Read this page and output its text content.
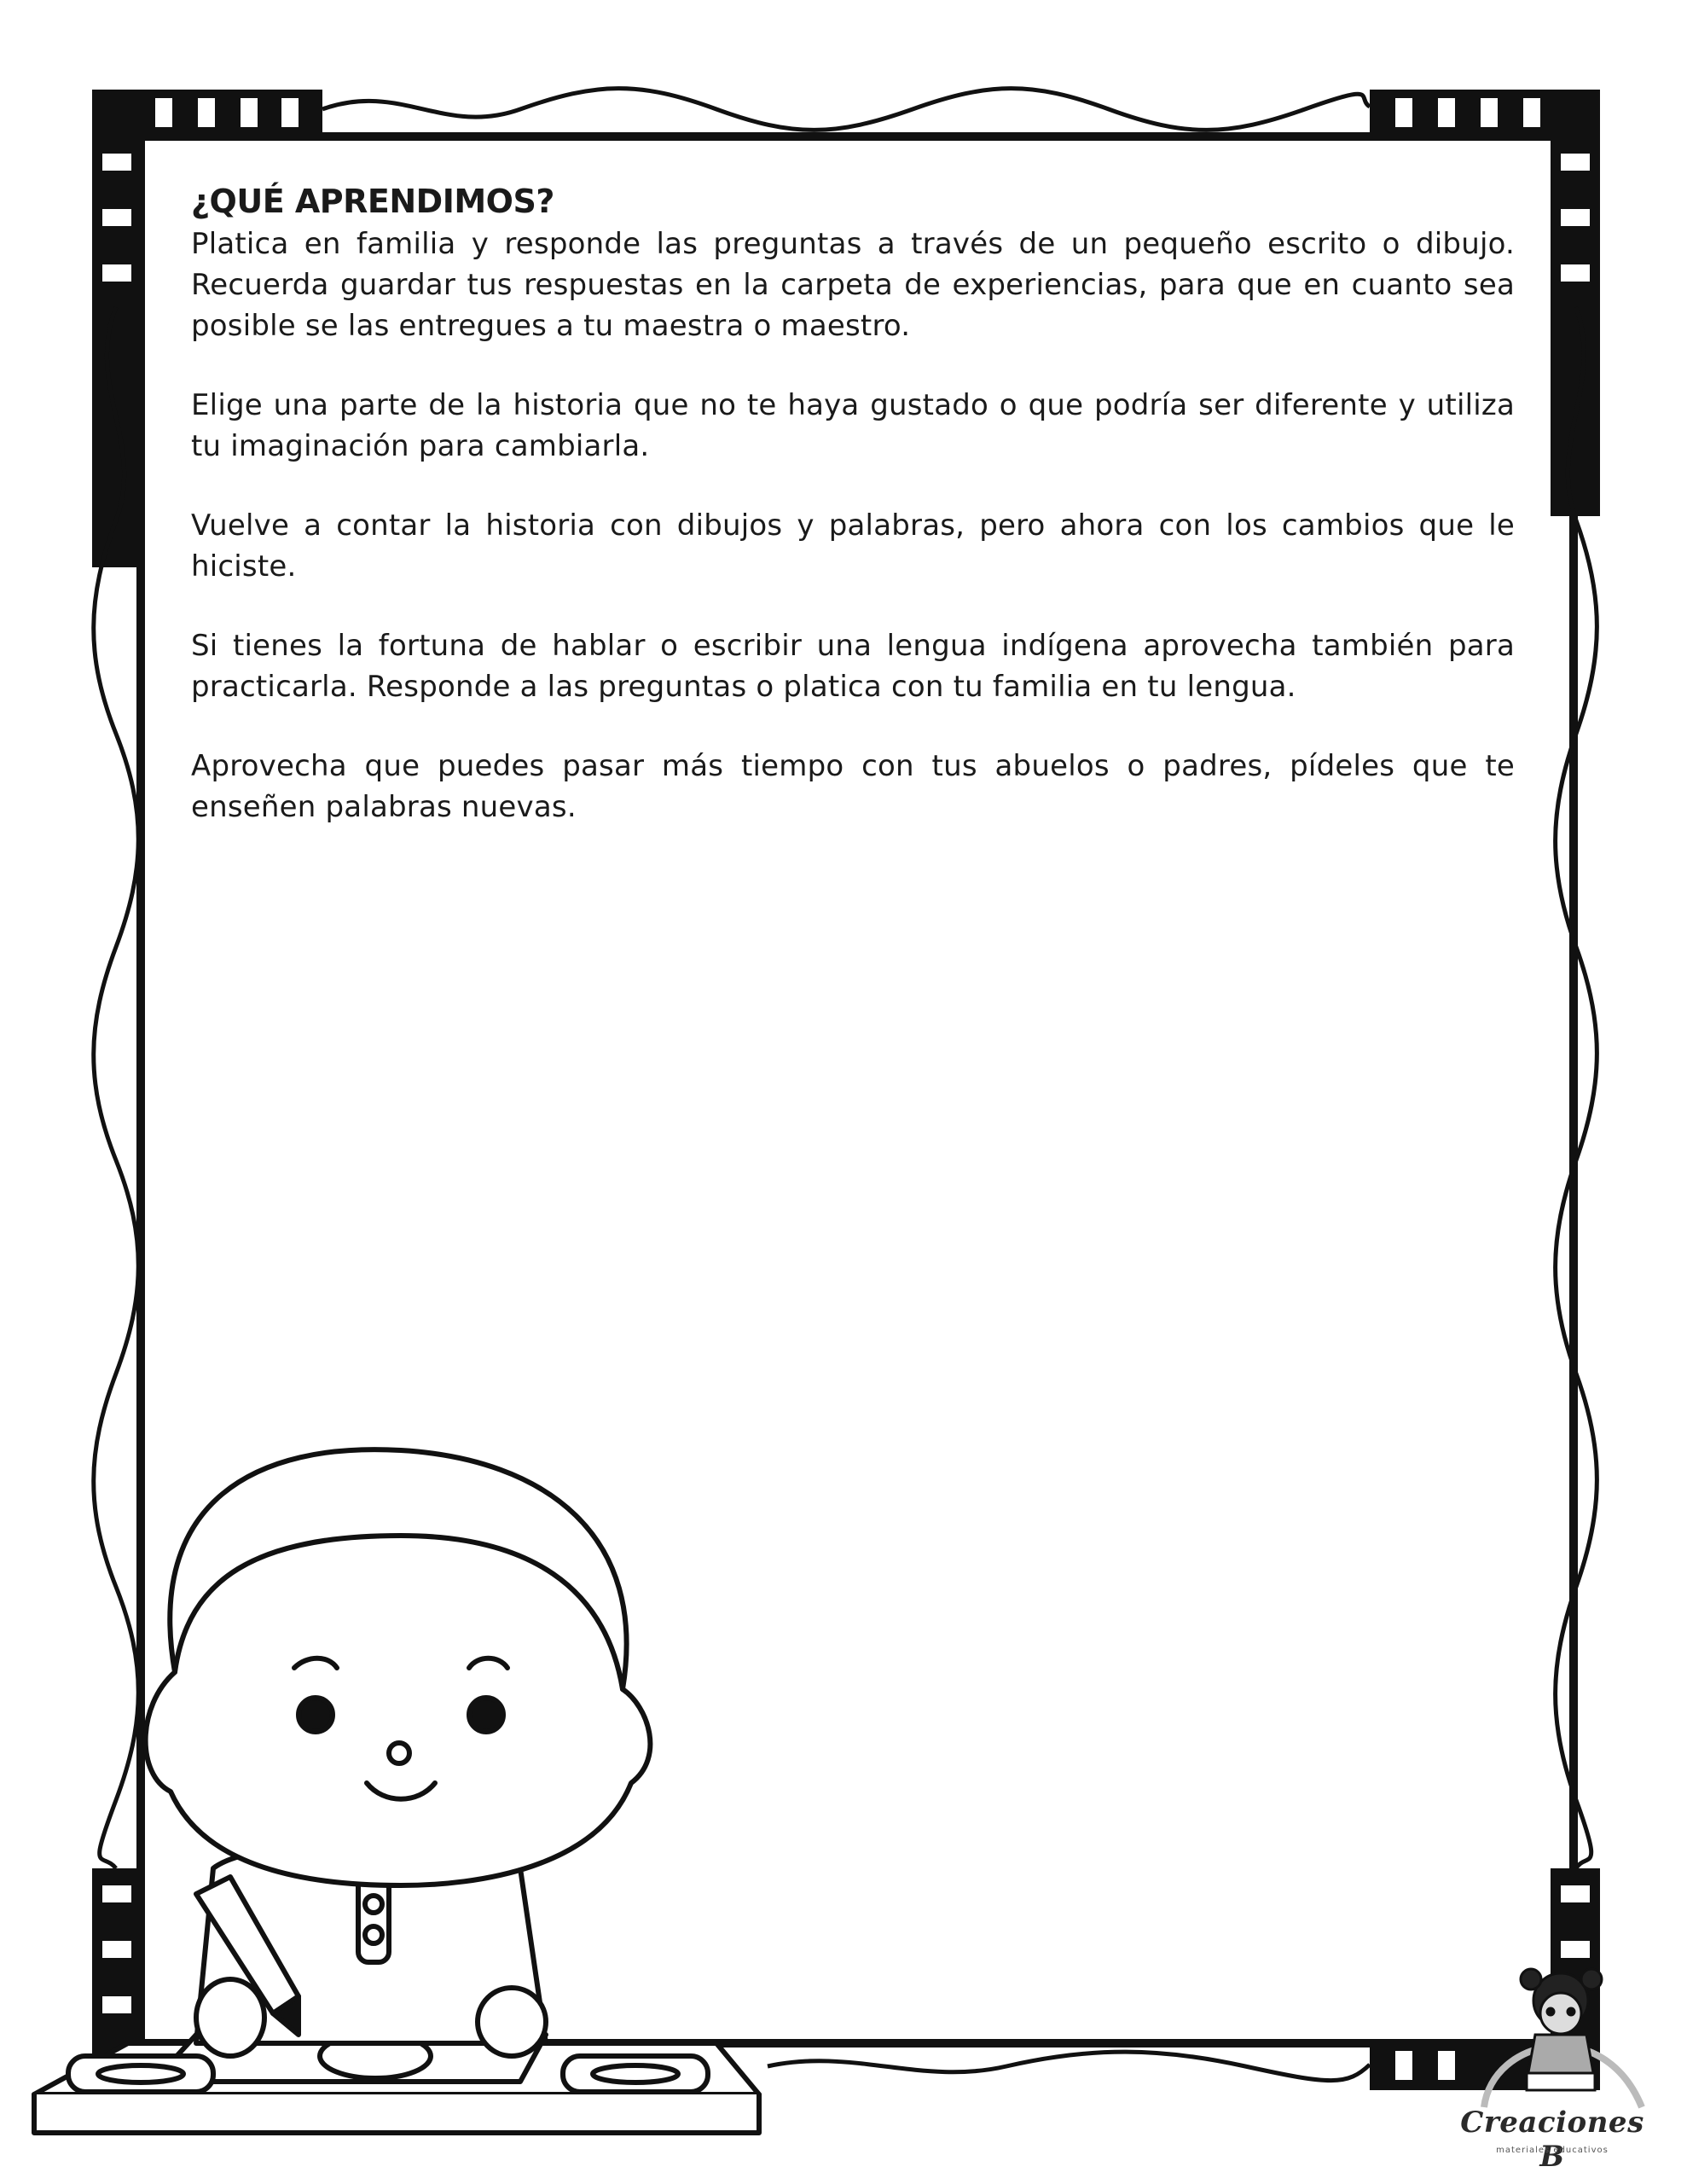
¿QUÉ APRENDIMOS?

Platica en familia y responde las preguntas a través de un pequeño escrito o dibujo. Recuerda guardar tus respuestas en la carpeta de experiencias, para que en cuanto sea posible se las entregues a tu maestra o maestro.

Elige una parte de la historia que no te haya gustado o que podría ser diferente y utiliza tu imaginación para cambiarla.

Vuelve a contar la historia con dibujos y palabras, pero ahora con los cambios que le hiciste.

Si tienes la fortuna de hablar o escribir una lengua indígena aprovecha también para practicarla. Responde a las preguntas o platica con tu familia en tu lengua.

Aprovecha que puedes pasar más tiempo con tus abuelos o padres, pídeles que te enseñen palabras nuevas.

Creaciones B
materiales educativos
